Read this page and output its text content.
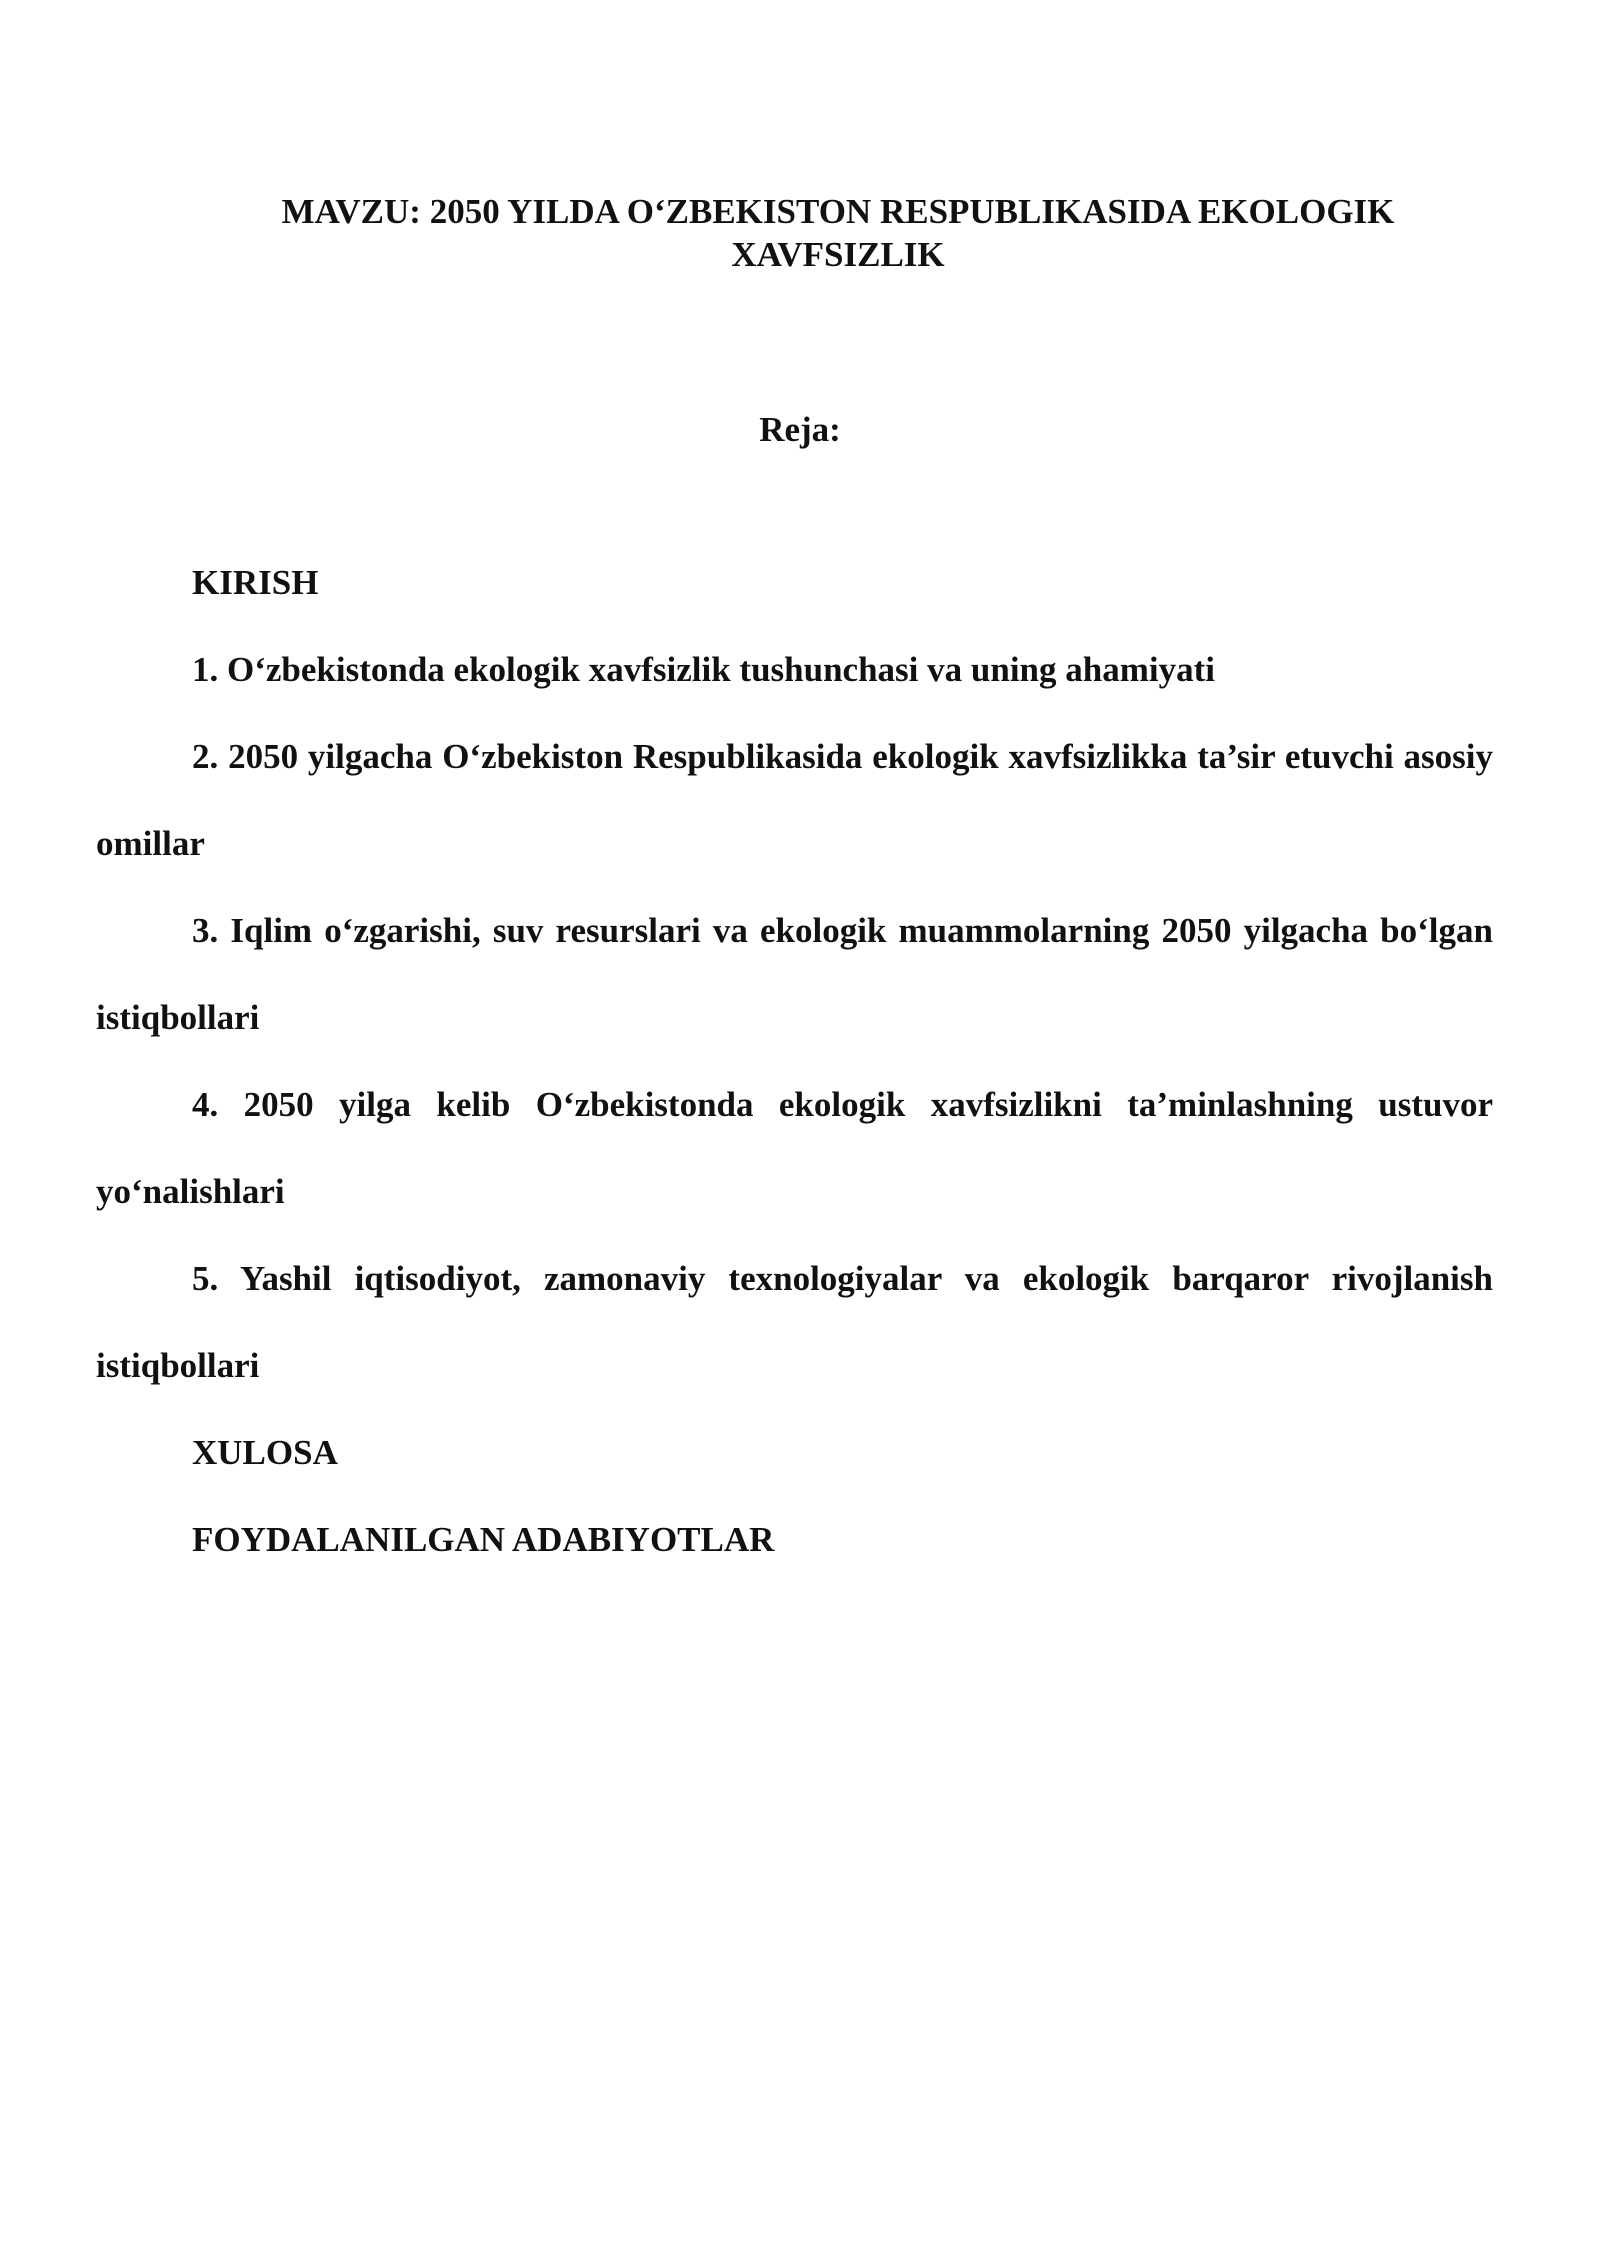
MAVZU: 2050 YILDA O‘ZBEKISTON RESPUBLIKASIDA EKOLOGIK
XAVFSIZLIK
Reja:
KIRISH
1. O‘zbekistonda ekologik xavfsizlik tushunchasi va uning ahamiyati
2. 2050 yilgacha O‘zbekiston Respublikasida ekologik xavfsizlikka ta’sir etuvchi asosiy omillar
3. Iqlim o‘zgarishi, suv resurslari va ekologik muammolarning 2050 yilgacha bo‘lgan istiqbollari
4. 2050 yilga kelib O‘zbekistonda ekologik xavfsizlikni ta’minlashning ustuvor yo‘nalishlari
5. Yashil iqtisodiyot, zamonaviy texnologiyalar va ekologik barqaror rivojlanish istiqbollari
XULOSA
FOYDALANILGAN ADABIYOTLAR
